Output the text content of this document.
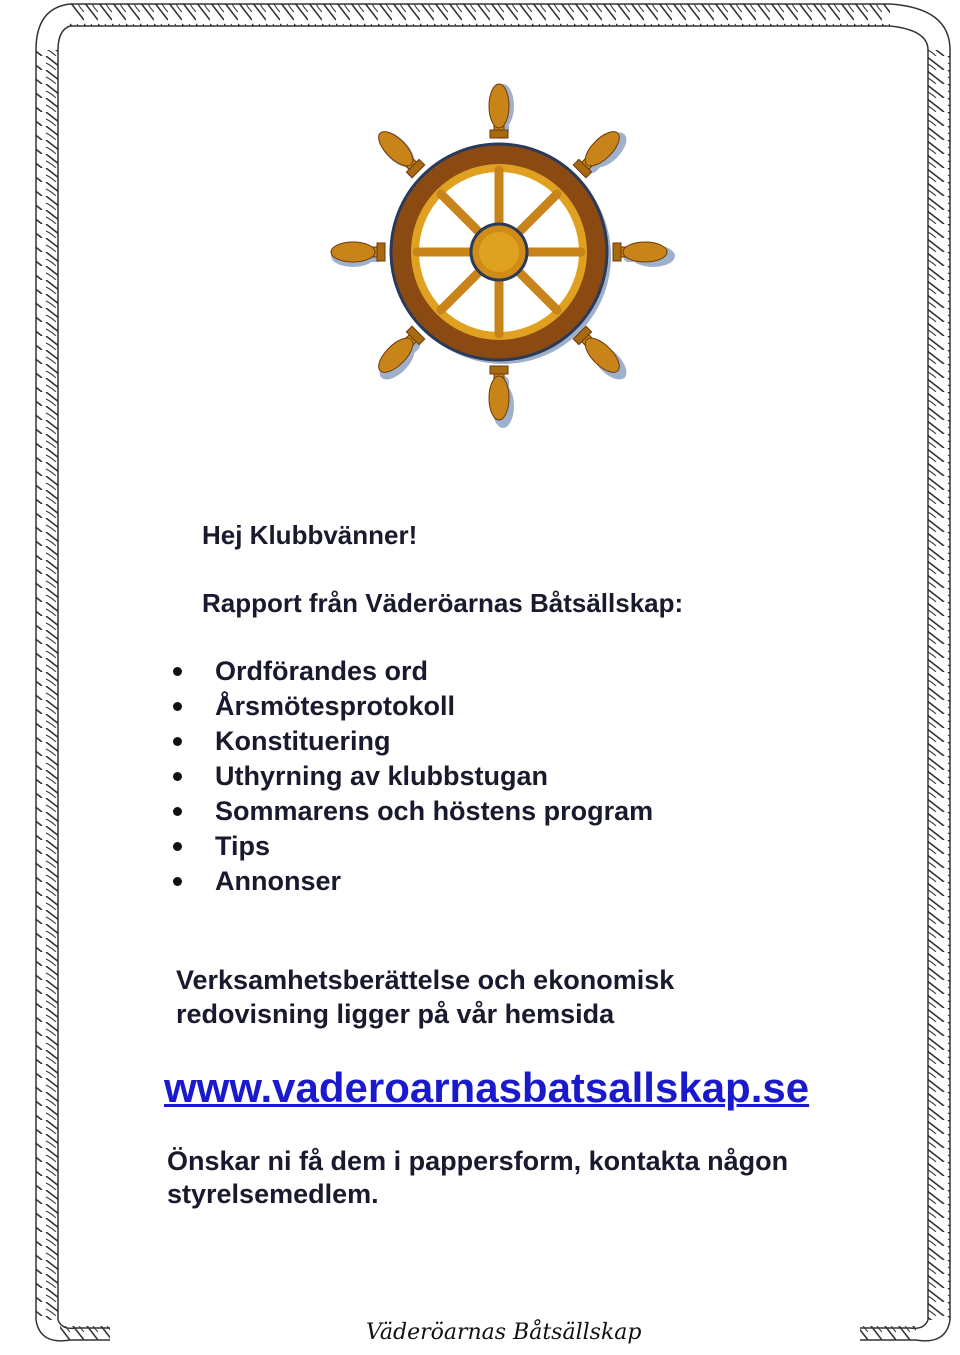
Hej Klubbvänner!

Rapport från Väderöarnas Båtsällskap:

Ordförandes ord
Årsmötesprotokoll
Konstituering
Uthyrning av klubbstugan
Sommarens och höstens program
Tips
Annonser

Verksamhetsberättelse och ekonomisk
redovisning ligger på vår hemsida

www.vaderoarnasbatsallskap.se

Önskar ni få dem i pappersform, kontakta någon
styrelsemedlem.

Väderöarnas Båtsällskap
